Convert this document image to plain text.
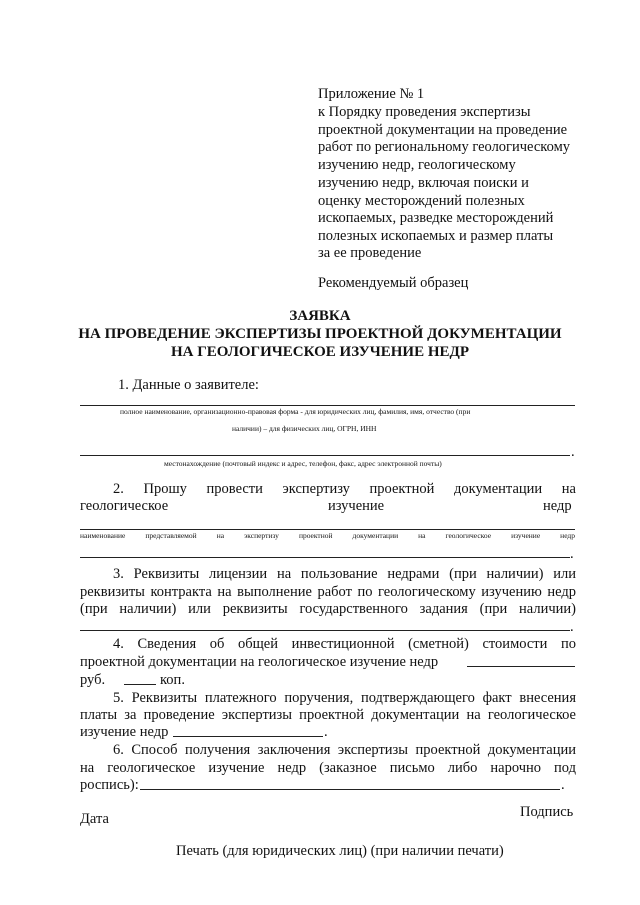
Приложение № 1
к Порядку проведения экспертизы
проектной документации на проведение
работ по региональному геологическому
изучению недр, геологическому
изучению недр, включая поиски и
оценку месторождений полезных
ископаемых, разведке месторождений
полезных ископаемых и размер платы
за ее проведение
Рекомендуемый образец
ЗАЯВКА
НА ПРОВЕДЕНИЕ ЭКСПЕРТИЗЫ ПРОЕКТНОЙ ДОКУМЕНТАЦИИ
НА ГЕОЛОГИЧЕСКОЕ ИЗУЧЕНИЕ НЕДР
1. Данные о заявителе:
полное наименование, организационно-правовая форма - для юридических лиц, фамилия, имя, отчество (при
наличии) – для физических лиц, ОГРН, ИНН
.
местонахождение (почтовый индекс и адрес, телефон, факс, адрес электронной почты)
2. Прошу провести экспертизу проектной документации на
геологическое	изучение	недр
наименование представляемой на экспертизу проектной документации на геологическое изучение недр
.
3. Реквизиты лицензии на пользование недрами (при наличии) или
реквизиты контракта на выполнение работ по геологическому изучению недр
(при наличии) или реквизиты государственного задания (при наличии)
.
4. Сведения об общей инвестиционной (сметной) стоимости по
проектной документации на геологическое изучение недр
руб.	коп.
5. Реквизиты платежного поручения, подтверждающего факт внесения
платы за проведение экспертизы проектной документации на геологическое
изучение недр	.
6. Способ получения заключения экспертизы проектной документации
на геологическое изучение недр (заказное письмо либо нарочно под
роспись):	.
Дата	Подпись
Печать (для юридических лиц) (при наличии печати)
